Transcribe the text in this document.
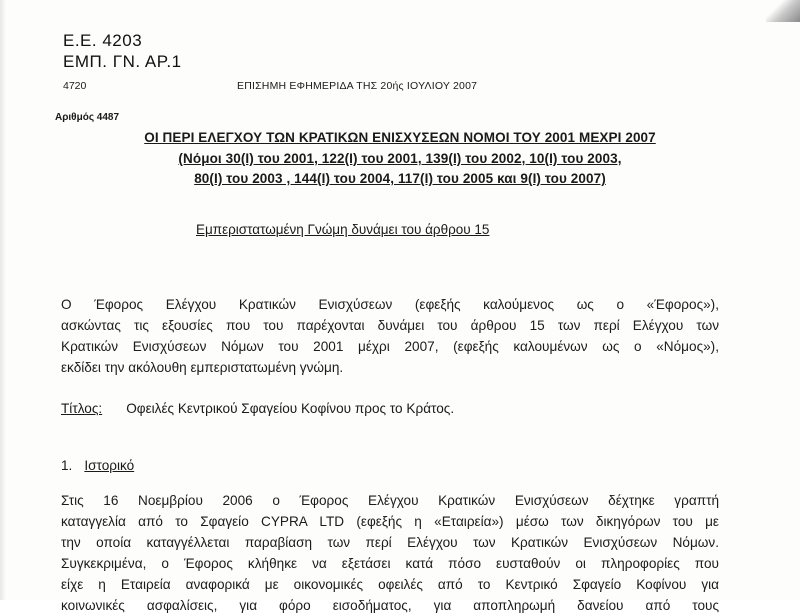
Ε.Ε. 4203
ΕΜΠ. ΓΝ. ΑΡ.1
4720	ΕΠΙΣΗΜΗ ΕΦΗΜΕΡΙΔΑ ΤΗΣ 20ής ΙΟΥΛΙΟΥ 2007
Αριθμός 4487
ΟΙ ΠΕΡΙ ΕΛΕΓΧΟΥ ΤΩΝ ΚΡΑΤΙΚΩΝ ΕΝΙΣΧΥΣΕΩΝ ΝΟΜΟΙ ΤΟΥ 2001 ΜΕΧΡΙ 2007
(Νόμοι 30(Ι) του 2001, 122(Ι) του 2001, 139(Ι) του 2002, 10(Ι) του 2003,
80(Ι) του 2003 , 144(Ι) του 2004, 117(Ι) του 2005 και 9(Ι) του 2007)
Εμπεριστατωμένη Γνώμη δυνάμει του άρθρου 15
Ο Έφορος Ελέγχου Κρατικών Ενισχύσεων (εφεξής καλούμενος ως ο «Έφορος»),
ασκώντας τις εξουσίες που του παρέχονται δυνάμει του άρθρου 15 των περί Ελέγχου των
Κρατικών Ενισχύσεων Νόμων του 2001 μέχρι 2007, (εφεξής καλουμένων ως ο «Νόμος»),
εκδίδει την ακόλουθη εμπεριστατωμένη γνώμη.
Τίτλος: Οφειλές Κεντρικού Σφαγείου Κοφίνου προς το Κράτος.
1. Ιστορικό
Στις 16 Νοεμβρίου 2006 ο Έφορος Ελέγχου Κρατικών Ενισχύσεων δέχτηκε γραπτή
καταγγελία από το Σφαγείο CYPRA LTD (εφεξής η «Εταιρεία») μέσω των δικηγόρων του με
την οποία καταγγέλλεται παραβίαση των περί Ελέγχου των Κρατικών Ενισχύσεων Νόμων.
Συγκεκριμένα, ο Έφορος κλήθηκε να εξετάσει κατά πόσο ευσταθούν οι πληροφορίες που
είχε η Εταιρεία αναφορικά με οικονομικές οφειλές από το Κεντρικό Σφαγείο Κοφίνου για
κοινωνικές ασφαλίσεις, για φόρο εισοδήματος, για αποπληρωμή δανείου από τους
